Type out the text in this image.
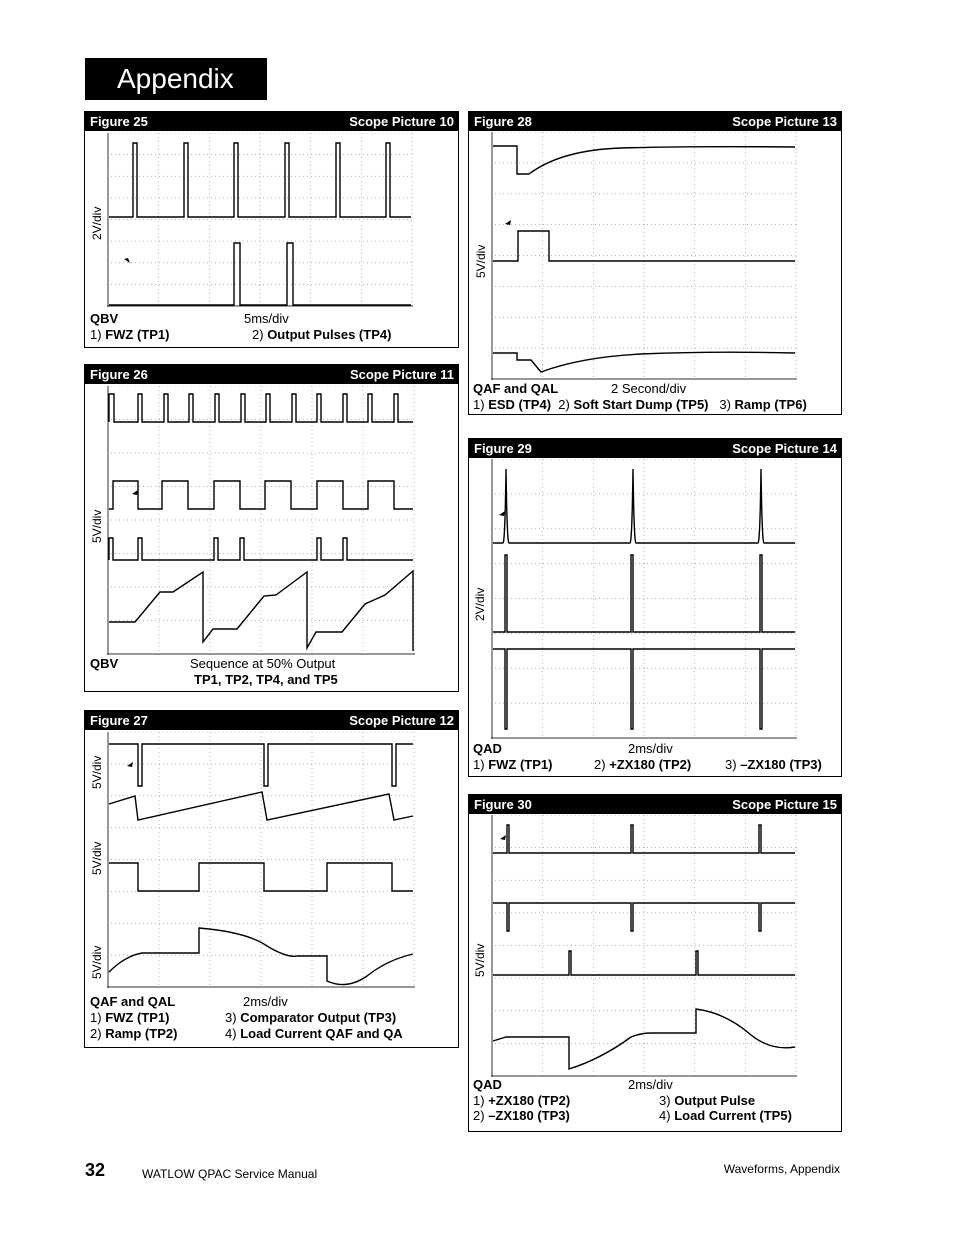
Appendix
Figure 25	Scope Picture 10
2V/div
QBV	5ms/div
1) FWZ (TP1)	2) Output Pulses (TP4)
Figure 26	Scope Picture 11
5V/div
QBV	Sequence at 50% Output
TP1, TP2, TP4, and TP5
Figure 27	Scope Picture 12
5V/div
5V/div
5V/div
QAF and QAL	2ms/div
1) FWZ (TP1)	3) Comparator Output (TP3)
2) Ramp (TP2)	4) Load Current QAF and QA
Figure 28	Scope Picture 13
5V/div
QAF and QAL	2 Second/div
1) ESD (TP4) 2) Soft Start Dump (TP5) 3) Ramp (TP6)
Figure 29	Scope Picture 14
2V/div
QAD	2ms/div
1) FWZ (TP1)	2) +ZX180 (TP2)	3) –ZX180 (TP3)
Figure 30	Scope Picture 15
5V/div
QAD	2ms/div
1) +ZX180 (TP2)	3) Output Pulse
2) –ZX180 (TP3)	4) Load Current (TP5)
32	WATLOW QPAC Service Manual	Waveforms, Appendix
